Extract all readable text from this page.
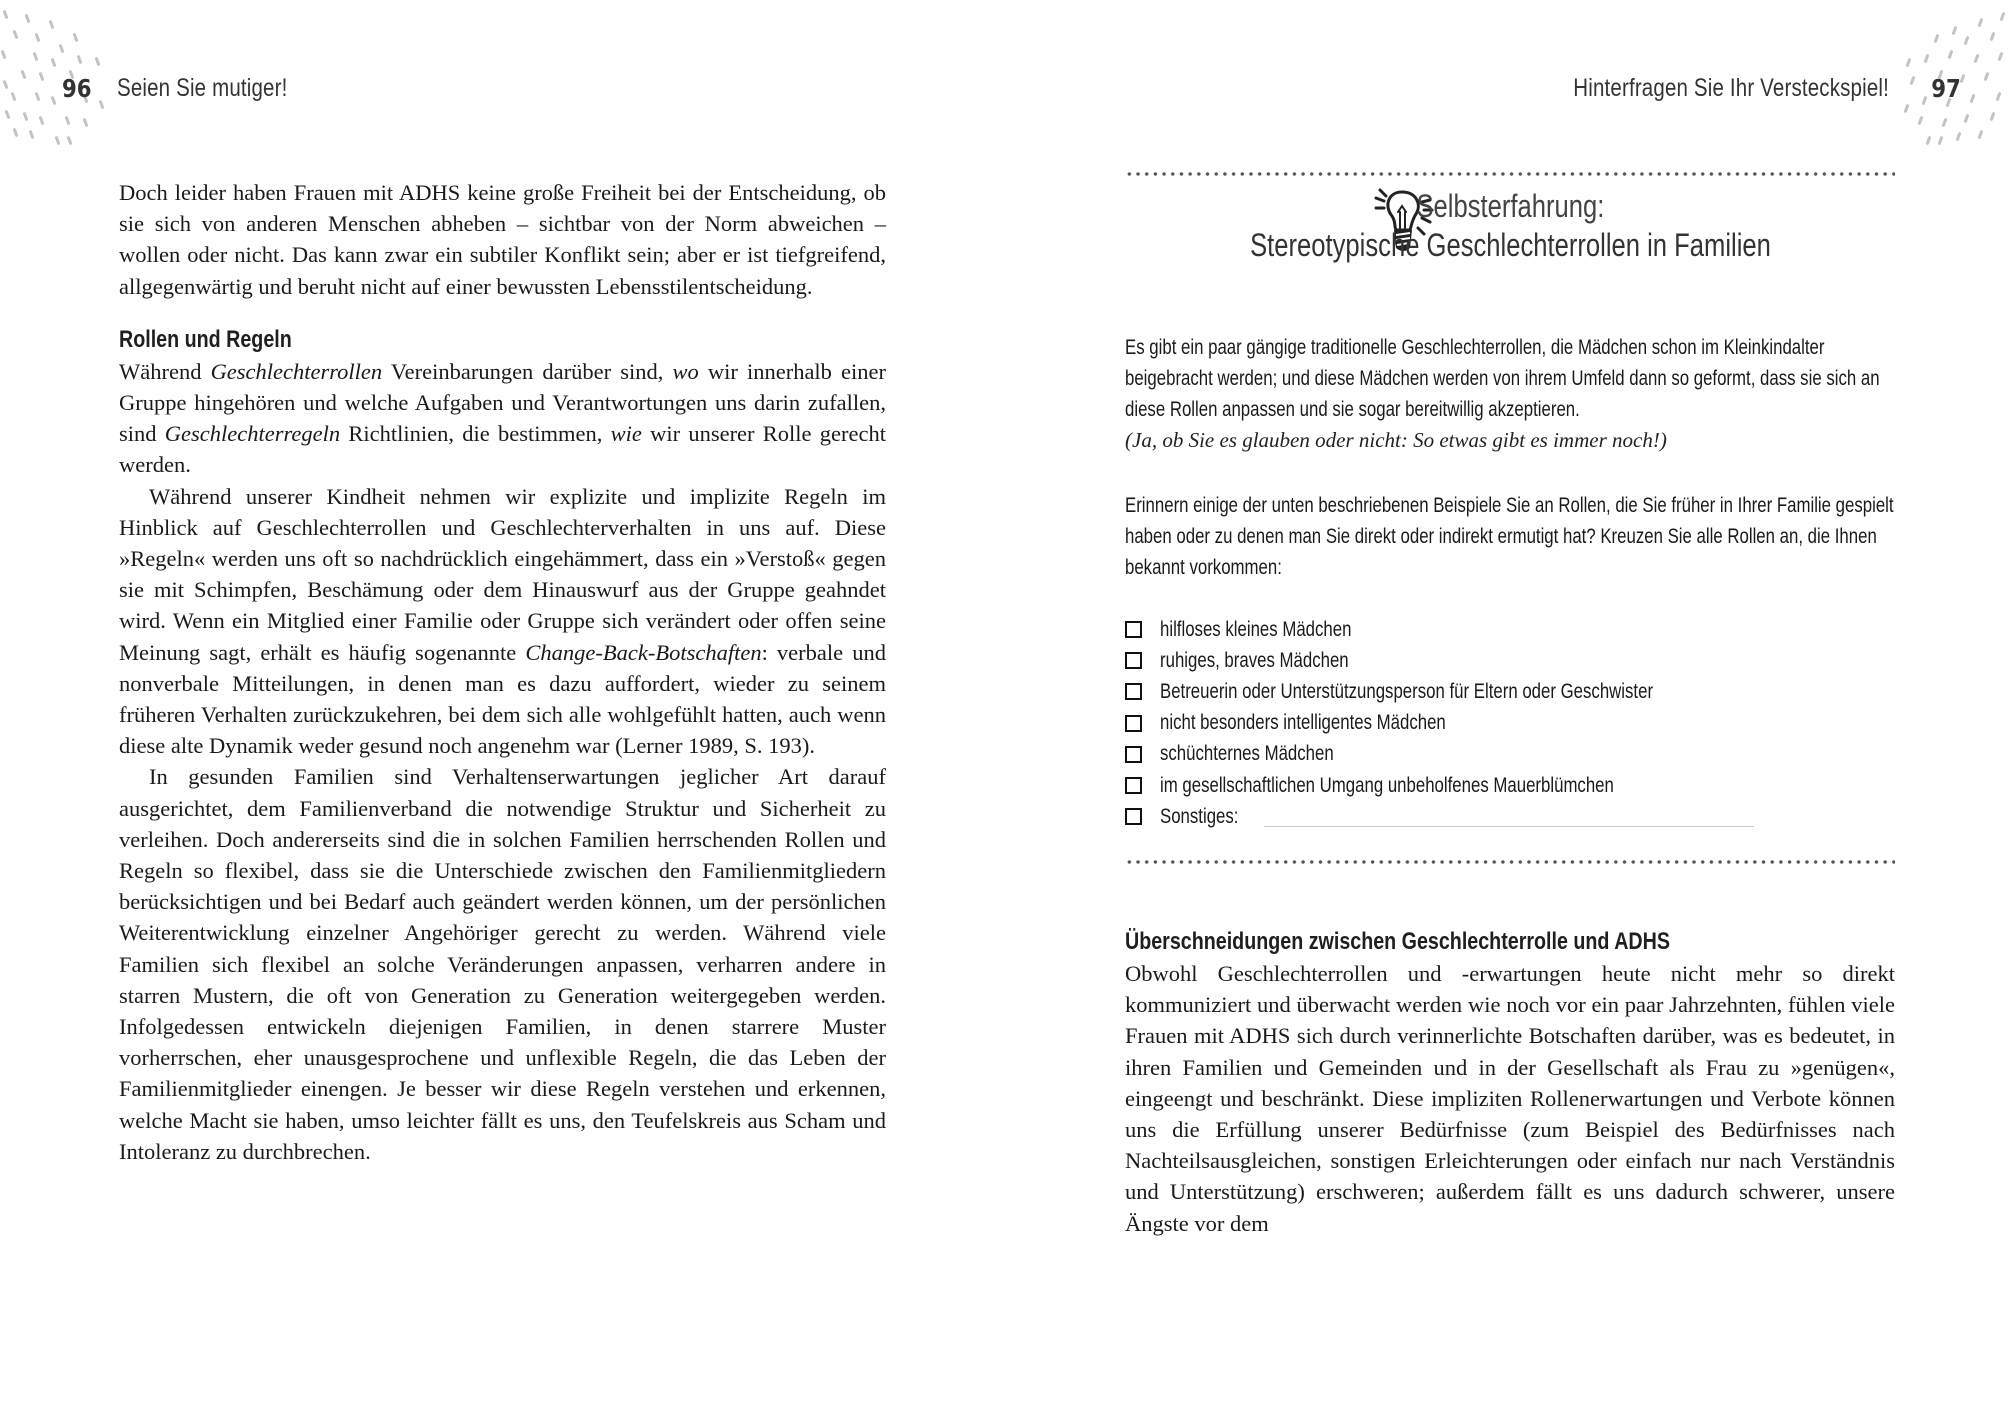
96 Seien Sie mutiger!

Doch leider haben Frauen mit ADHS keine große Freiheit bei der Entscheidung, ob sie sich von anderen Menschen abheben – sichtbar von der Norm abweichen – wollen oder nicht. Das kann zwar ein subtiler Konflikt sein; aber er ist tiefgreifend, allgegenwärtig und beruht nicht auf einer bewussten Lebensstilentscheidung.

Rollen und Regeln

Während Geschlechterrollen Vereinbarungen darüber sind, wo wir innerhalb einer Gruppe hingehören und welche Aufgaben und Verantwortungen uns darin zufallen, sind Geschlechterregeln Richtlinien, die bestimmen, wie wir unserer Rolle gerecht werden.

Während unserer Kindheit nehmen wir explizite und implizite Regeln im Hinblick auf Geschlechterrollen und Geschlechterverhalten in uns auf. Diese »Regeln« werden uns oft so nachdrücklich eingehämmert, dass ein »Verstoß« gegen sie mit Schimpfen, Beschämung oder dem Hinauswurf aus der Gruppe geahndet wird. Wenn ein Mitglied einer Familie oder Gruppe sich verändert oder offen seine Meinung sagt, erhält es häufig sogenannte Change-Back-Botschaften: verbale und nonverbale Mitteilungen, in denen man es dazu auffordert, wieder zu seinem früheren Verhalten zurückzukehren, bei dem sich alle wohlgefühlt hatten, auch wenn diese alte Dynamik weder gesund noch angenehm war (Lerner 1989, S. 193).

In gesunden Familien sind Verhaltenserwartungen jeglicher Art darauf ausgerichtet, dem Familienverband die notwendige Struktur und Sicherheit zu verleihen. Doch andererseits sind die in solchen Familien herrschenden Rollen und Regeln so flexibel, dass sie die Unterschiede zwischen den Familienmitgliedern berücksichtigen und bei Bedarf auch geändert werden können, um der persönlichen Weiterentwicklung einzelner Angehöriger gerecht zu werden. Während viele Familien sich flexibel an solche Veränderungen anpassen, verharren andere in starren Mustern, die oft von Generation zu Generation weitergegeben werden. Infolgedessen entwickeln diejenigen Familien, in denen starrere Muster vorherrschen, eher unausgesprochene und unflexible Regeln, die das Leben der Familienmitglieder einengen. Je besser wir diese Regeln verstehen und erkennen, welche Macht sie haben, umso leichter fällt es uns, den Teufelskreis aus Scham und Intoleranz zu durchbrechen.

Hinterfragen Sie Ihr Versteckspiel! 97
Selbsterfahrung:
Stereotypische Geschlechterrollen in Familien

Es gibt ein paar gängige traditionelle Geschlechterrollen, die Mädchen schon im Kleinkindalter beigebracht werden; und diese Mädchen werden von ihrem Umfeld dann so geformt, dass sie sich an diese Rollen anpassen und sie sogar bereitwillig akzeptieren.

(Ja, ob Sie es glauben oder nicht: So etwas gibt es immer noch!)

Erinnern einige der unten beschriebenen Beispiele Sie an Rollen, die Sie früher in Ihrer Familie gespielt haben oder zu denen man Sie direkt oder indirekt ermutigt hat? Kreuzen Sie alle Rollen an, die Ihnen bekannt vorkommen:

hilfloses kleines Mädchen
ruhiges, braves Mädchen
Betreuerin oder Unterstützungsperson für Eltern oder Geschwister
nicht besonders intelligentes Mädchen
schüchternes Mädchen
im gesellschaftlichen Umgang unbeholfenes Mauerblümchen
Sonstiges:
Überschneidungen zwischen Geschlechterrolle und ADHS

Obwohl Geschlechterrollen und -erwartungen heute nicht mehr so direkt kommuniziert und überwacht werden wie noch vor ein paar Jahrzehnten, fühlen viele Frauen mit ADHS sich durch verinnerlichte Botschaften darüber, was es bedeutet, in ihren Familien und Gemeinden und in der Gesellschaft als Frau zu »genügen«, eingeengt und beschränkt. Diese impliziten Rollenerwartungen und Verbote können uns die Erfüllung unserer Bedürfnisse (zum Beispiel des Bedürfnisses nach Nachteilsausgleichen, sonstigen Erleichterungen oder einfach nur nach Verständnis und Unterstützung) erschweren; außerdem fällt es uns dadurch schwerer, unsere Ängste vor dem
